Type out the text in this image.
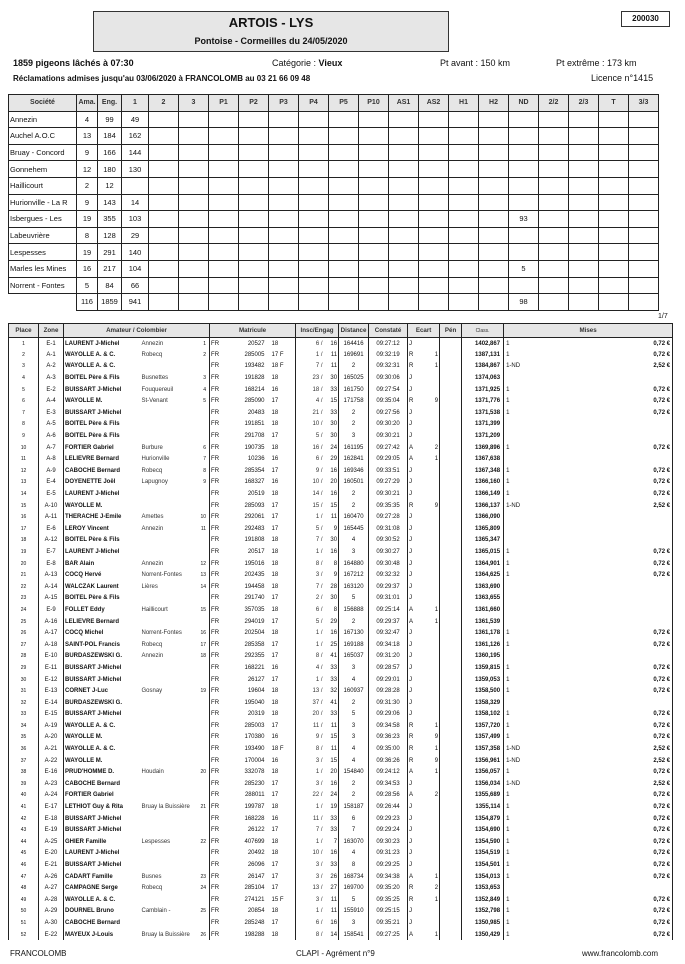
ARTOIS - LYS
Pontoise - Cormeilles du 24/05/2020
200030
1859 pigeons lâchés à 07:30	Catégorie : Vieux	Pt avant : 150 km	Pt extrême : 173 km
Réclamations admises jusqu'au 03/06/2020 à FRANCOLOMB au 03 21 66 09 48	Licence n°1415
Société	Ama.	Eng.	1	2	3	P1	P2	P3	P4	P5	P10	AS1	AS2	H1	H2	ND	2/2	2/3	T	3/3
Annezin	4	99	49																	
Auchel A.O.C	13	184	162																	
Bruay - Concord	9	166	144																	
Gonnehem	12	180	130																	
Haillicourt	2	12																		
Hurionville - La R	9	143	14																	
Isbergues - Les	19	355	103													93				
Labeuvrière	8	128	29																	
Lespesses	19	291	140																	
Marles les Mines	16	217	104													5				
Norrent - Fontes	5	84	66																	
	116	1859	941													98				
1/7
Place	Zone	Amateur / Colombier			Matricule			Insc/Engag		Distance	Constaté	Ecart		Pén	Class.	Mises	
1	E-1	LAURENT J-Michel	Annezin	1	FR	20527	18	6 /	16	164416	09:27:12	J			1402,867	1	0,72 €
2	A-1	WAYOLLE A. & C.	Robecq	2	FR	285005	17 F	1 /	11	169691	09:32:19	R	1		1387,131	1	0,72 €
3	A-2	WAYOLLE A. & C.			FR	193482	18 F	7 /	11	2	09:32:31	R	1		1384,867	1-ND	2,52 €
4	A-3	BOITEL Père & Fils	Busnettes	3	FR	191828	18	23 /	30	165025	09:30:06	J			1374,063		
5	E-2	BUISSART J-Michel	Fouquereuil	4	FR	168214	16	18 /	33	161750	09:27:54	J			1371,925	1	0,72 €
6	A-4	WAYOLLE M.	St-Venant	5	FR	285090	17	4 /	15	171758	09:35:04	R	9		1371,776	1	0,72 €
7	E-3	BUISSART J-Michel			FR	20483	18	21 /	33	2	09:27:56	J			1371,538	1	0,72 €
8	A-5	BOITEL Père & Fils			FR	191851	18	10 /	30	2	09:30:20	J			1371,399		
9	A-6	BOITEL Père & Fils			FR	291708	17	5 /	30	3	09:30:21	J			1371,209		
10	A-7	FORTIER Gabriel	Burbure	6	FR	190735	18	16 /	24	161195	09:27:42	A	2		1369,896	1	0,72 €
11	A-8	LELIEVRE Bernard	Hurionville	7	FR	10236	16	6 /	29	162841	09:29:05	A	1		1367,638		
12	A-9	CABOCHE Bernard	Robecq	8	FR	285354	17	9 /	16	169346	09:33:51	J			1367,348	1	0,72 €
13	E-4	DOYENETTE Joël	Lapugnoy	9	FR	168327	16	10 /	20	160501	09:27:29	J			1366,160	1	0,72 €
14	E-5	LAURENT J-Michel			FR	20519	18	14 /	16	2	09:30:21	J			1366,149	1	0,72 €
15	A-10	WAYOLLE M.			FR	285093	17	15 /	15	2	09:35:35	R	9		1366,137	1-ND	2,52 €
16	A-11	THERACHE J-Emile	Amettes	10	FR	292061	17	1 /	11	160470	09:27:28	J			1366,090		
17	E-6	LEROY Vincent	Annezin	11	FR	292483	17	5 /	9	165445	09:31:08	J			1365,809		
18	A-12	BOITEL Père & Fils			FR	191808	18	7 /	30	4	09:30:52	J			1365,347		
19	E-7	LAURENT J-Michel			FR	20517	18	1 /	16	3	09:30:27	J			1365,015	1	0,72 €
20	E-8	BAR Alain	Annezin	12	FR	195016	18	8 /	8	164880	09:30:48	J			1364,901	1	0,72 €
21	A-13	COCQ Hervé	Norrent-Fontes	13	FR	202435	18	3 /	9	167212	09:32:32	J			1364,625	1	0,72 €
22	A-14	WALCZAK Laurent	Lières	14	FR	194458	18	7 /	28	163120	09:29:37	J			1363,690		
23	A-15	BOITEL Père & Fils			FR	291740	17	2 /	30	5	09:31:01	J			1363,655		
24	E-9	FOLLET Eddy	Haillicourt	15	FR	357035	18	6 /	8	156888	09:25:14	A	1		1361,660		
25	A-16	LELIEVRE Bernard			FR	294019	17	5 /	29	2	09:29:37	A	1		1361,539		
26	A-17	COCQ Michel	Norrent-Fontes	16	FR	202504	18	1 /	16	167130	09:32:47	J			1361,178	1	0,72 €
27	A-18	SAINT-POL Francis	Robecq	17	FR	285358	17	1 /	25	169188	09:34:18	J			1361,126	1	0,72 €
28	E-10	BURDASZEWSKI G.	Annezin	18	FR	292355	17	8 /	41	165037	09:31:20	J			1360,195		
29	E-11	BUISSART J-Michel			FR	168221	16	4 /	33	3	09:28:57	J			1359,815	1	0,72 €
30	E-12	BUISSART J-Michel			FR	26127	17	1 /	33	4	09:29:01	J			1359,053	1	0,72 €
31	E-13	CORNET J-Luc	Gosnay	19	FR	19604	18	13 /	32	160937	09:28:28	J			1358,500	1	0,72 €
32	E-14	BURDASZEWSKI G.			FR	195040	18	37 /	41	2	09:31:30	J			1358,329		
33	E-15	BUISSART J-Michel			FR	20319	18	20 /	33	5	09:29:06	J			1358,102	1	0,72 €
34	A-19	WAYOLLE A. & C.			FR	285003	17	11 /	11	3	09:34:58	R	1		1357,720	1	0,72 €
35	A-20	WAYOLLE M.			FR	170380	16	9 /	15	3	09:36:23	R	9		1357,499	1	0,72 €
36	A-21	WAYOLLE A. & C.			FR	193490	18 F	8 /	11	4	09:35:00	R	1		1357,358	1-ND	2,52 €
37	A-22	WAYOLLE M.			FR	170004	16	3 /	15	4	09:36:26	R	9		1356,961	1-ND	2,52 €
38	E-16	PRUD'HOMME D.	Houdain	20	FR	332078	18	1 /	20	154840	09:24:12	A	1		1356,057	1	0,72 €
39	A-23	CABOCHE Bernard			FR	285230	17	3 /	16	2	09:34:53	J			1356,034	1-ND	2,52 €
40	A-24	FORTIER Gabriel			FR	288011	17	22 /	24	2	09:28:56	A	2		1355,689	1	0,72 €
41	E-17	LETHIOT Guy & Rita	Bruay la Buissière	21	FR	199787	18	1 /	19	158187	09:26:44	J			1355,114	1	0,72 €
42	E-18	BUISSART J-Michel			FR	168228	16	11 /	33	6	09:29:23	J			1354,879	1	0,72 €
43	E-19	BUISSART J-Michel			FR	26122	17	7 /	33	7	09:29:24	J			1354,690	1	0,72 €
44	A-25	GHIER Famille	Lespesses	22	FR	407699	18	1 /	7	163070	09:30:23	J			1354,590	1	0,72 €
45	E-20	LAURENT J-Michel			FR	20492	18	10 /	16	4	09:31:23	J			1354,519	1	0,72 €
46	E-21	BUISSART J-Michel			FR	26096	17	3 /	33	8	09:29:25	J			1354,501	1	0,72 €
47	A-26	CADART Famille	Busnes	23	FR	26147	17	3 /	26	168734	09:34:38	A	1		1354,013	1	0,72 €
48	A-27	CAMPAGNE Serge	Robecq	24	FR	285104	17	13 /	27	169700	09:35:20	R	2		1353,653		
49	A-28	WAYOLLE A. & C.			FR	274121	15 F	3 /	11	5	09:35:25	R	1		1352,849	1	0,72 €
50	A-29	DOURNEL Bruno	Camblain -	25	FR	20854	18	1 /	11	155910	09:25:15	J			1352,798	1	0,72 €
51	A-30	CABOCHE Bernard			FR	285248	17	6 /	16	3	09:35:21	J			1350,985	1	0,72 €
52	E-22	MAYEUX J-Louis	Bruay la Buissière	26	FR	198288	18	8 /	14	158541	09:27:25	A	1		1350,429	1	0,72 €
FRANCOLOMB	CLAPI - Agrément n°9	www.francolomb.com
